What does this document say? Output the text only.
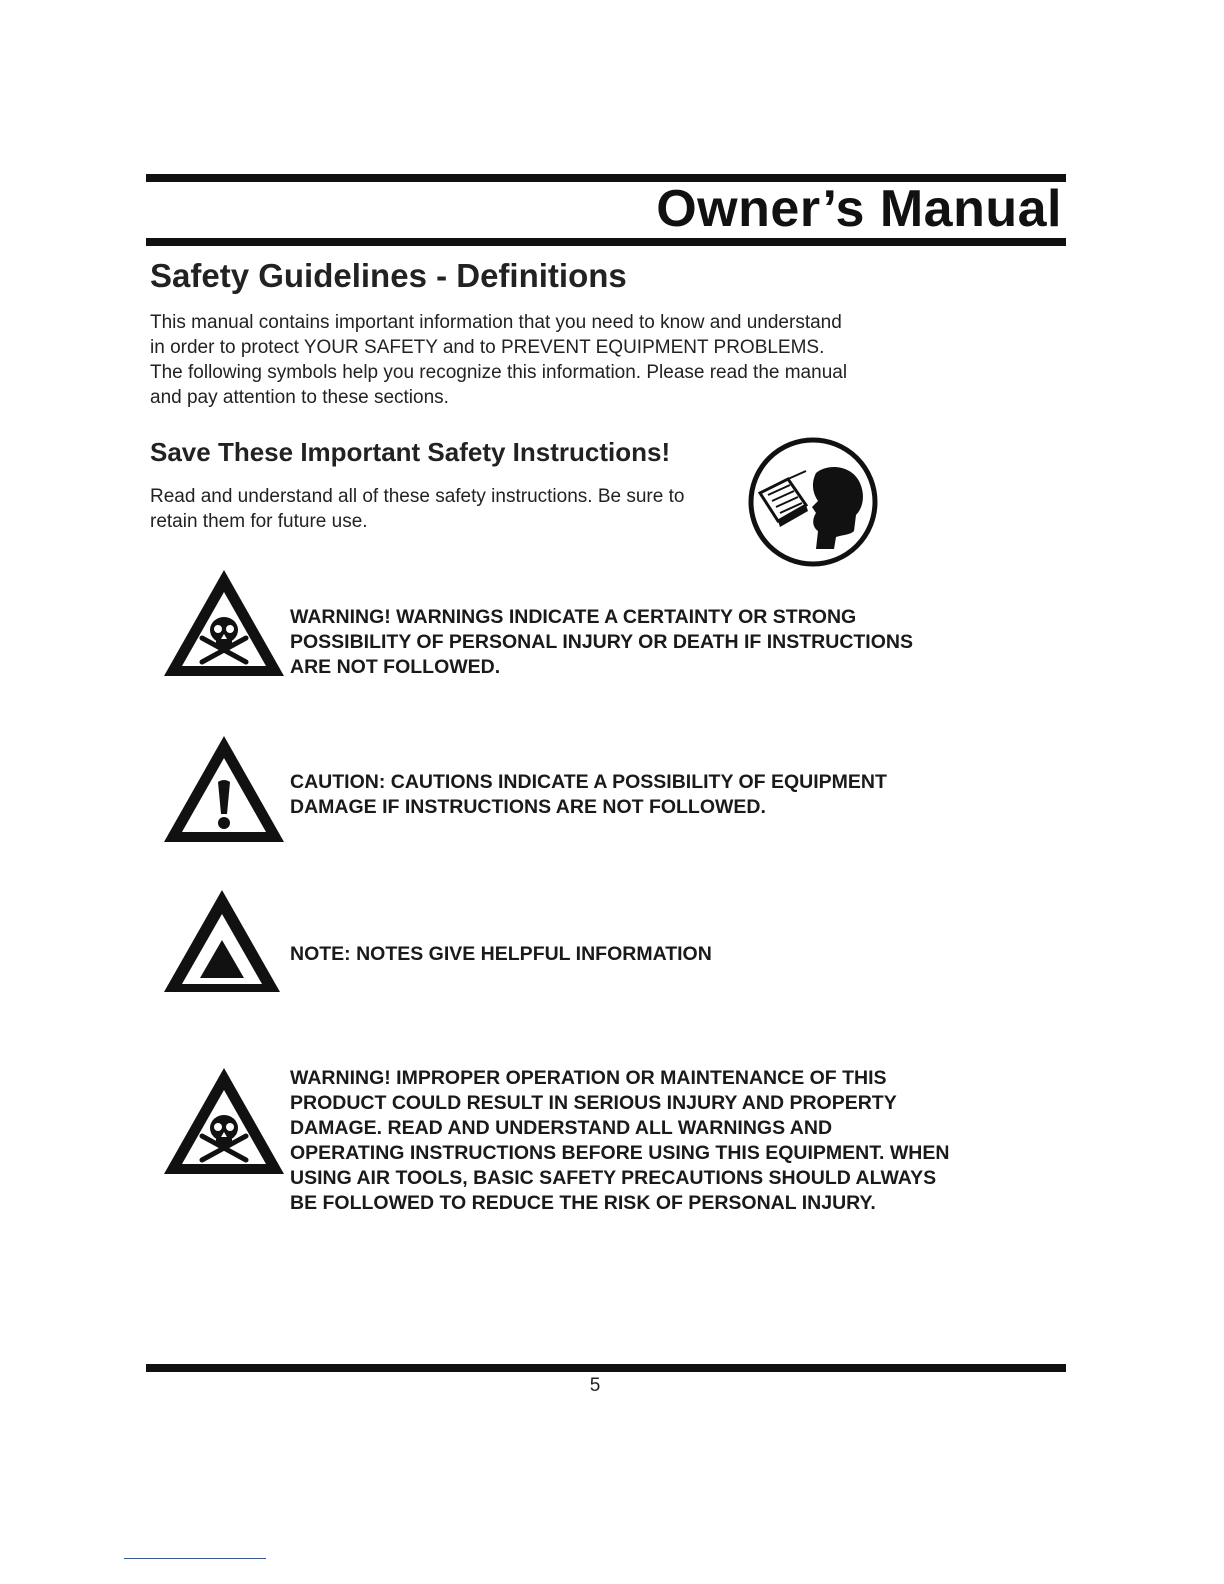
Owner’s Manual
Safety Guidelines - Definitions

This manual contains important information that you need to know and understand in order to protect YOUR SAFETY and to PREVENT EQUIPMENT PROBLEMS. The following symbols help you recognize this information. Please read the manual and pay attention to these sections.

Save These Important Safety Instructions!

Read and understand all of these safety instructions. Be sure to retain them for future use.

WARNING! WARNINGS INDICATE A CERTAINTY OR STRONG POSSIBILITY OF PERSONAL INJURY OR DEATH IF INSTRUCTIONS ARE NOT FOLLOWED.
CAUTION: CAUTIONS INDICATE A POSSIBILITY OF EQUIPMENT DAMAGE IF INSTRUCTIONS ARE NOT FOLLOWED.
NOTE: NOTES GIVE HELPFUL INFORMATION
WARNING! IMPROPER OPERATION OR MAINTENANCE OF THIS PRODUCT COULD RESULT IN SERIOUS INJURY AND PROPERTY DAMAGE. READ AND UNDERSTAND ALL WARNINGS AND OPERATING INSTRUCTIONS BEFORE USING THIS EQUIPMENT. WHEN USING AIR TOOLS, BASIC SAFETY PRECAUTIONS SHOULD ALWAYS BE FOLLOWED TO REDUCE THE RISK OF PERSONAL INJURY.
5
